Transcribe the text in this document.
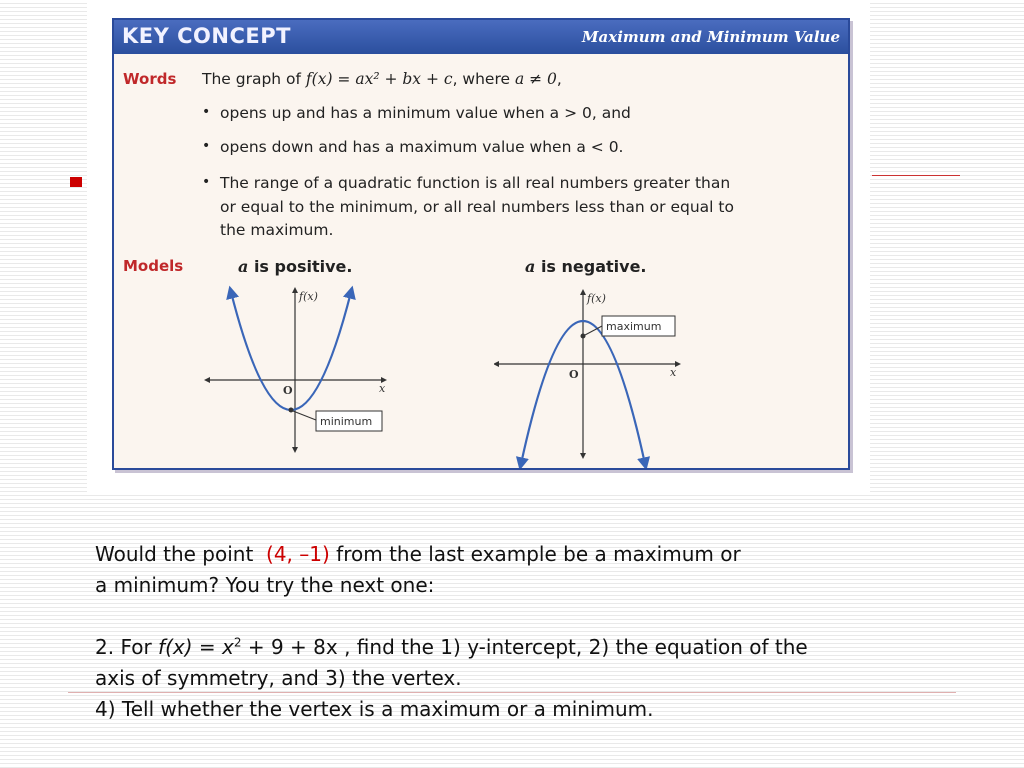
KEY CONCEPT	Maximum and Minimum Value
Words The graph of f(x) = ax² + bx + c, where a ≠ 0,
• opens up and has a minimum value when a > 0, and
• opens down and has a maximum value when a < 0.
• The range of a quadratic function is all real numbers greater than
or equal to the minimum, or all real numbers less than or equal to
the maximum.
Models	a is positive.	a is negative.
minimum
f(x)
x
O
maximum
f(x)
x
O
Would the point  (4, –1) from the last example be a maximum or
a minimum? You try the next one:
2. For $f(x) = x^2 + 9 + 8x$ , find the 1) y-intercept, 2) the equation of the
axis of symmetry, and 3) the vertex.
4) Tell whether the vertex is a maximum or a minimum.
